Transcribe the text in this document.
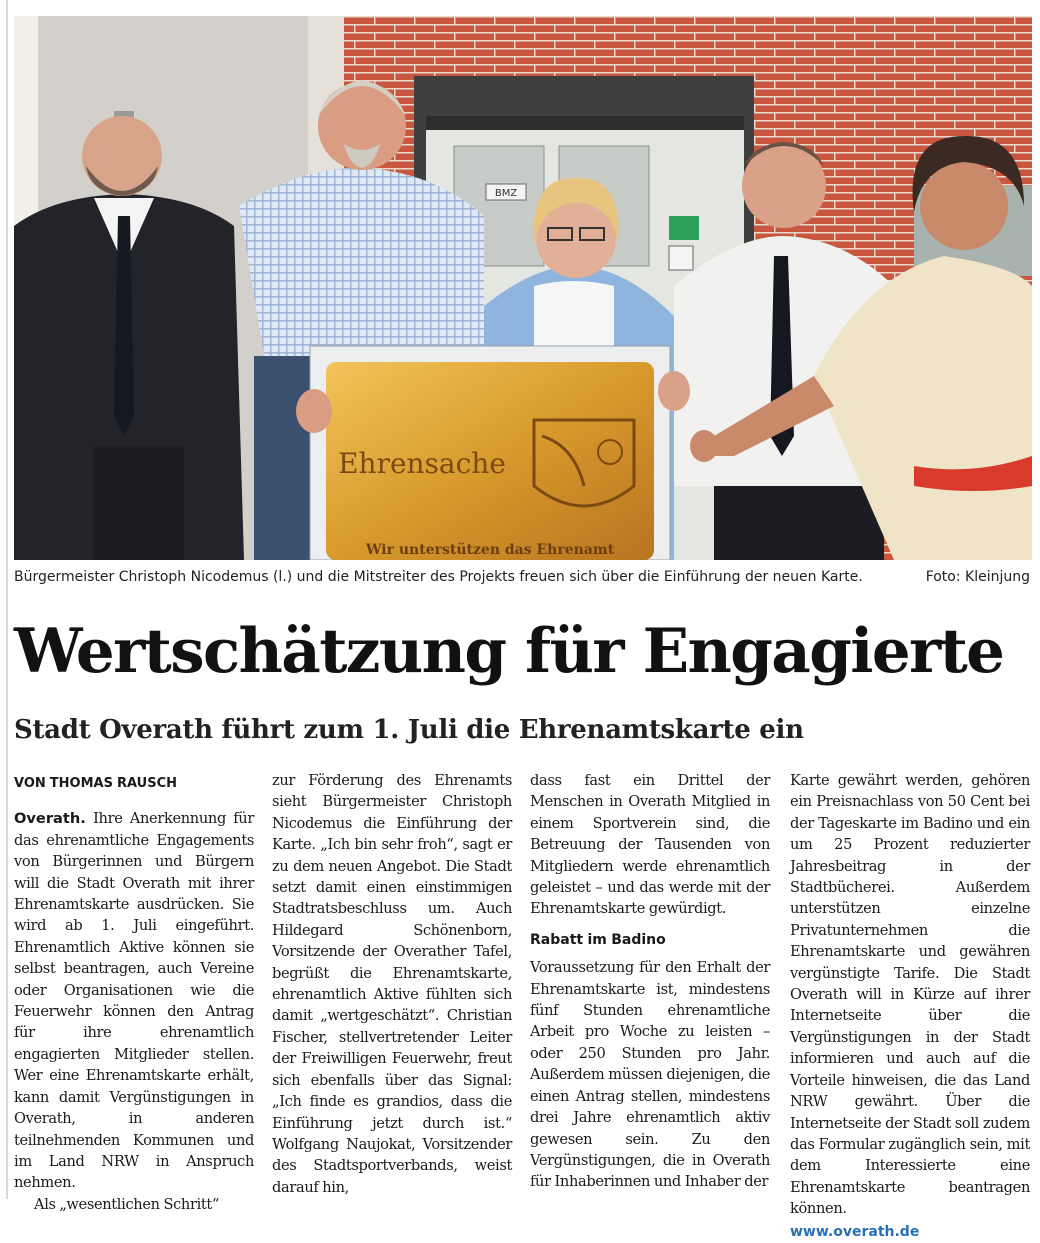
BMZ
Ehrensache
Wir unterstützen das Ehrenamt
Bürgermeister Christoph Nicodemus (l.) und die Mitstreiter des Projekts freuen sich über die Einführung der neuen Karte.	Foto: Kleinjung
Wertschätzung für Engagierte
Stadt Overath führt zum 1. Juli die Ehrenamtskarte ein

VON THOMAS RAUSCH

Overath. Ihre Anerkennung für das ehrenamtliche Engagements von Bürgerinnen und Bürgern will die Stadt Overath mit ihrer Ehrenamtskarte ausdrücken. Sie wird ab 1. Juli eingeführt. Ehrenamtlich Aktive können sie selbst beantragen, auch Vereine oder Organisationen wie die Feuerwehr können den Antrag für ihre ehrenamtlich engagierten Mitglieder stellen. Wer eine Ehrenamtskarte erhält, kann damit Vergünstigungen in Overath, in anderen teilnehmenden Kommunen und im Land NRW in Anspruch nehmen.

Als „wesentlichen Schritt“

zur Förderung des Ehrenamts sieht Bürgermeister Christoph Nicodemus die Einführung der Karte. „Ich bin sehr froh“, sagt er zu dem neuen Angebot. Die Stadt setzt damit einen einstimmigen Stadtratsbeschluss um. Auch Hildegard Schönenborn, Vorsitzende der Overather Tafel, begrüßt die Ehrenamtskarte, ehrenamtlich Aktive fühlten sich damit „wertgeschätzt“. Christian Fischer, stellvertretender Leiter der Freiwilligen Feuerwehr, freut sich ebenfalls über das Signal: „Ich finde es grandios, dass die Einführung jetzt durch ist.“ Wolfgang Naujokat, Vorsitzender des Stadtsportverbands, weist darauf hin,

dass fast ein Drittel der Menschen in Overath Mitglied in einem Sportverein sind, die Betreuung der Tausenden von Mitgliedern werde ehrenamtlich geleistet – und das werde mit der Ehrenamtskarte gewürdigt.

Rabatt im Badino

Voraussetzung für den Erhalt der Ehrenamtskarte ist, mindestens fünf Stunden ehrenamtliche Arbeit pro Woche zu leisten – oder 250 Stunden pro Jahr. Außerdem müssen diejenigen, die einen Antrag stellen, mindestens drei Jahre ehrenamtlich aktiv gewesen sein. Zu den Vergünstigungen, die in Overath für Inhaberinnen und Inhaber der

Karte gewährt werden, gehören ein Preisnachlass von 50 Cent bei der Tageskarte im Badino und ein um 25 Prozent reduzierter Jahresbeitrag in der Stadtbücherei. Außerdem unterstützen einzelne Privatunternehmen die Ehrenamtskarte und gewähren vergünstigte Tarife. Die Stadt Overath will in Kürze auf ihrer Internetseite über die Vergünstigungen in der Stadt informieren und auch auf die Vorteile hinweisen, die das Land NRW gewährt. Über die Internetseite der Stadt soll zudem das Formular zugänglich sein, mit dem Interessierte eine Ehrenamtskarte beantragen können.

www.overath.de
